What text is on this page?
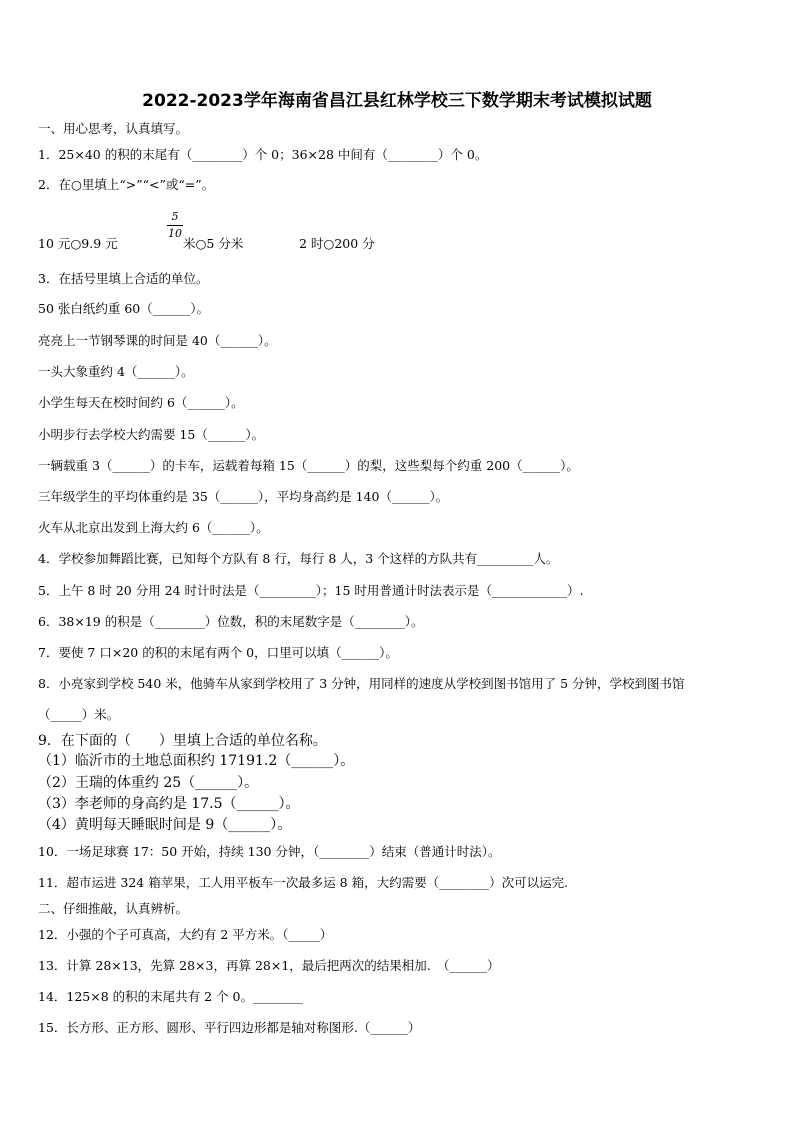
2022-2023学年海南省昌江县红林学校三下数学期末考试模拟试题
一、用心思考，认真填写。
1．25×40 的积的末尾有（________）个 0；36×28 中间有（________）个 0。
2．在○里填上“>”“<”或“=”。
10 元○9.9 元
5
10
米○5 分米	2 时○200 分
3．在括号里填上合适的单位。
50 张白纸约重 60（______）。
亮亮上一节钢琴课的时间是 40（______）。
一头大象重约 4（______）。
小学生每天在校时间约 6（______）。
小明步行去学校大约需要 15（______）。
一辆载重 3（______）的卡车，运载着每箱 15（______）的梨，这些梨每个约重 200（______）。
三年级学生的平均体重约是 35（______），平均身高约是 140（______）。
火车从北京出发到上海大约 6（______）。
4．学校参加舞蹈比赛，已知每个方队有 8 行，每行 8 人，3 个这样的方队共有_________人。
5．上午 8 时 20 分用 24 时计时法是（_________）；15 时用普通计时法表示是（____________）.
6．38×19 的积是（________）位数，积的末尾数字是（________）。
7．要使 7 口×20 的积的末尾有两个 0，口里可以填（______）。
8．小亮家到学校 540 米，他骑车从家到学校用了 3 分钟，用同样的速度从学校到图书馆用了 5 分钟，学校到图书馆
（_____）米。
9．在下面的（　　）里填上合适的单位名称。
（1）临沂市的土地总面积约 17191.2（______）。
（2）王瑞的体重约 25（______）。
（3）李老师的身高约是 17.5（______）。
（4）黄明每天睡眠时间是 9（______）。
10．一场足球赛 17：50 开始，持续 130 分钟，（________）结束（普通计时法）。
11．超市运进 324 箱苹果，工人用平板车一次最多运 8 箱，大约需要（________）次可以运完.
二、仔细推敲，认真辨析。
12．小强的个子可真高，大约有 2 平方米。（_____）
13．计算 28×13，先算 28×3，再算 28×1，最后把两次的结果相加.　（______）
14．125×8 的积的末尾共有 2 个 0。________
15．长方形、正方形、圆形、平行四边形都是轴对称图形.（______）
